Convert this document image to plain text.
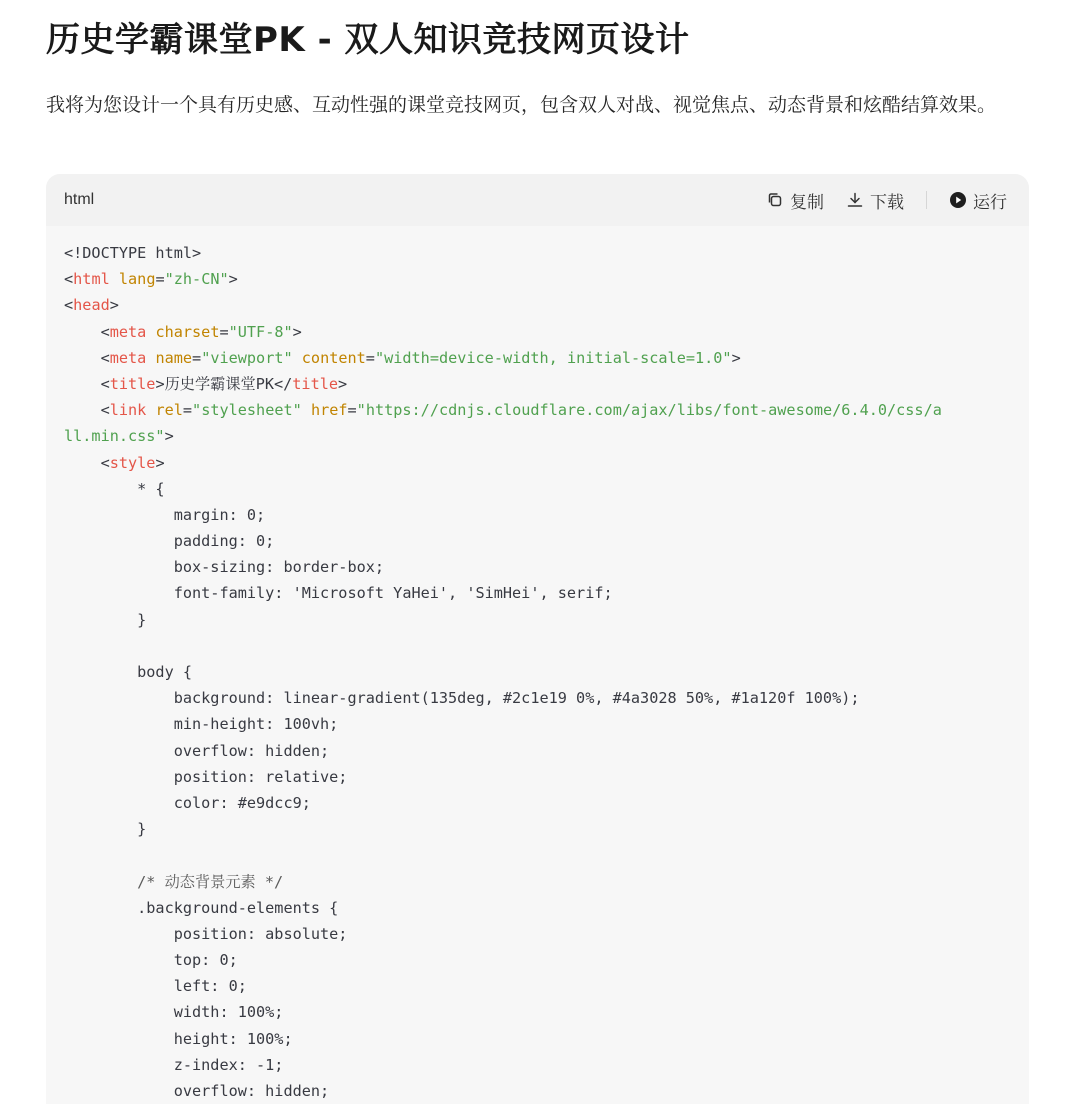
历史学霸课堂PK - 双人知识竞技网页设计

我将为您设计一个具有历史感、互动性强的课堂竞技网页，包含双人对战、视觉焦点、动态背景和炫酷结算效果。

html	复制	下载	运行
<!DOCTYPE html>
<html lang="zh-CN">
<head>
<meta charset="UTF-8">
<meta name="viewport" content="width=device-width, initial-scale=1.0">
<title>历史学霸课堂PK</title>
<link rel="stylesheet" href="https://cdnjs.cloudflare.com/ajax/libs/font-awesome/6.4.0/css/a
ll.min.css">
<style>
* {
margin: 0;
padding: 0;
box-sizing: border-box;
font-family: 'Microsoft YaHei', 'SimHei', serif;
}
body {
background: linear-gradient(135deg, #2c1e19 0%, #4a3028 50%, #1a120f 100%);
min-height: 100vh;
overflow: hidden;
position: relative;
color: #e9dcc9;
}
/* 动态背景元素 */
.background-elements {
position: absolute;
top: 0;
left: 0;
width: 100%;
height: 100%;
z-index: -1;
overflow: hidden;
